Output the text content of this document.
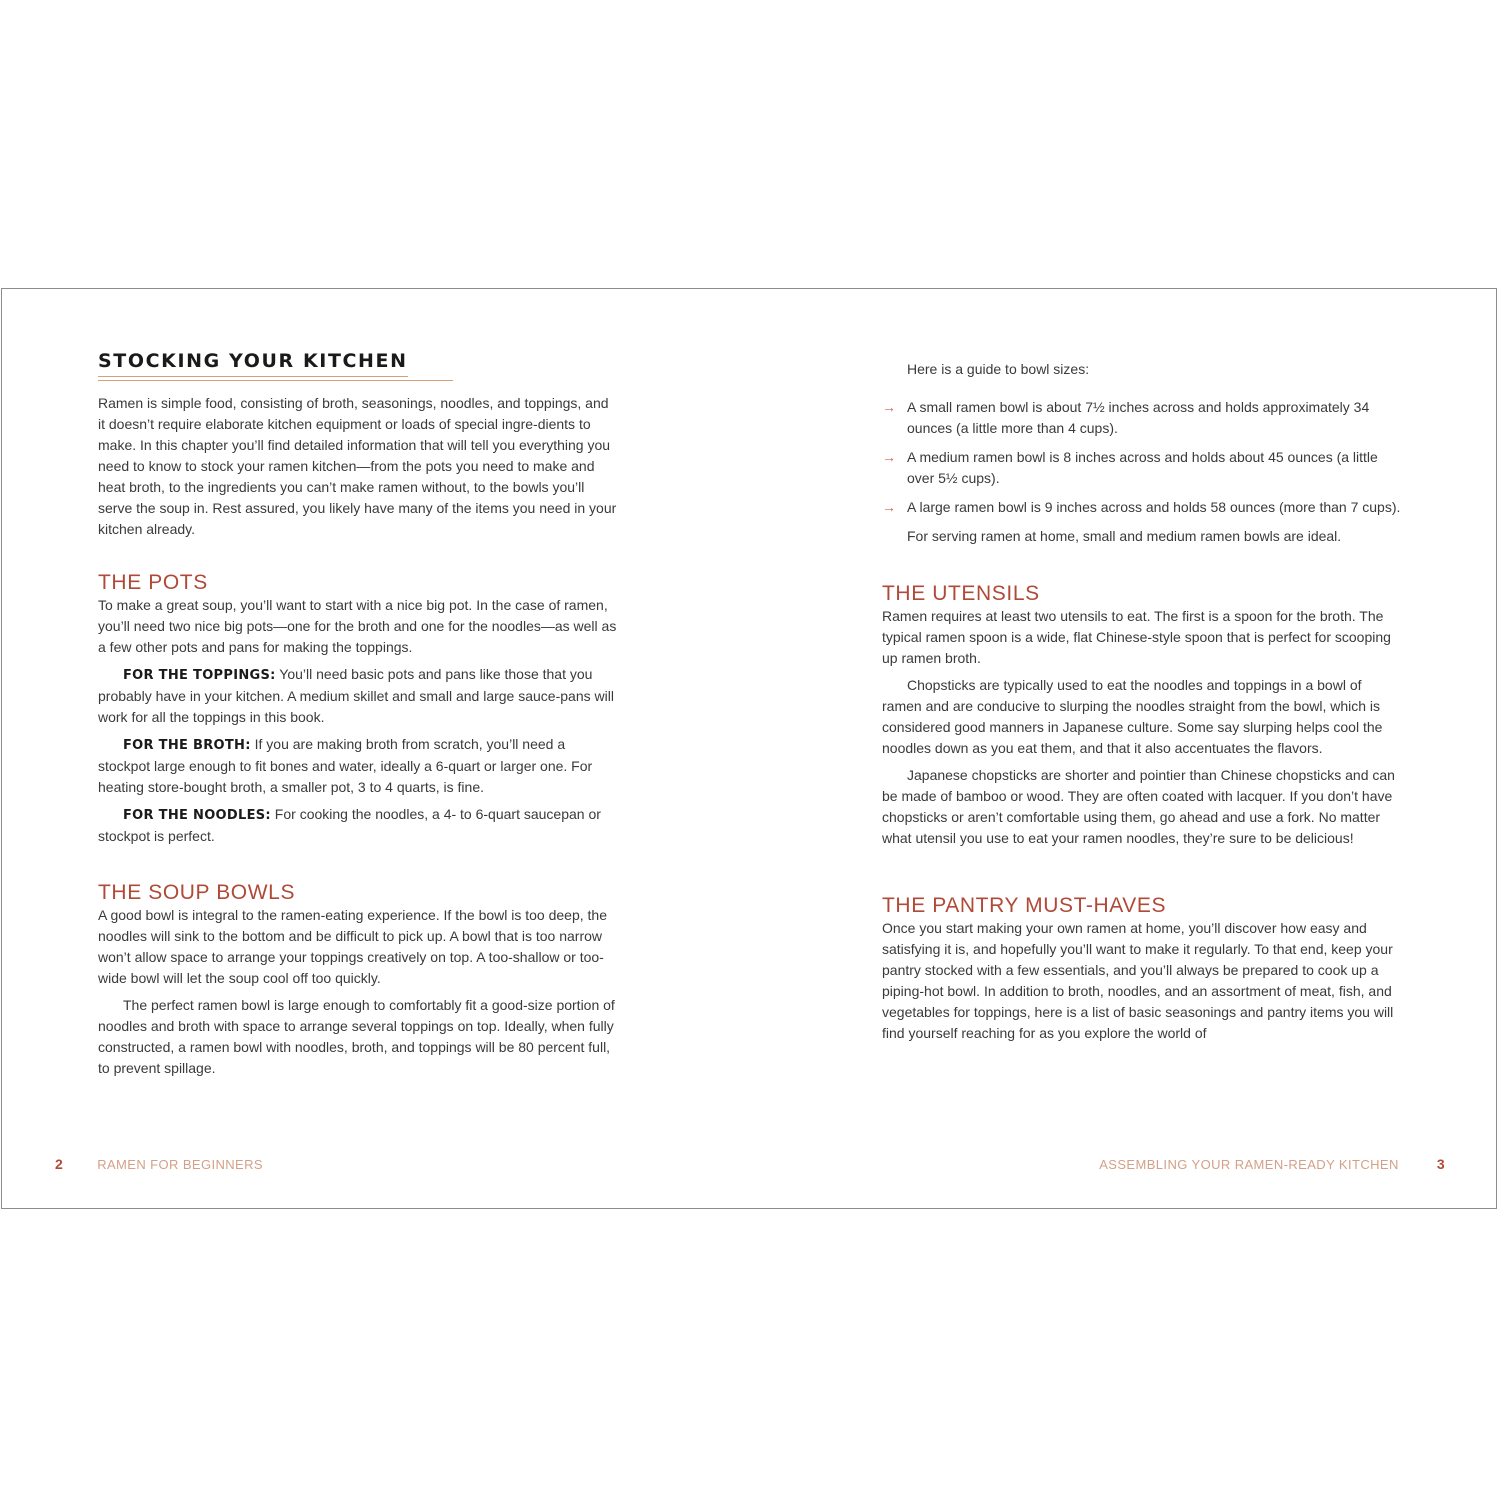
STOCKING YOUR KITCHEN

Ramen is simple food, consisting of broth, seasonings, noodles, and toppings, and it doesn’t require elaborate kitchen equipment or loads of special ingre-dients to make. In this chapter you’ll find detailed information that will tell you everything you need to know to stock your ramen kitchen—from the pots you need to make and heat broth, to the ingredients you can’t make ramen without, to the bowls you’ll serve the soup in. Rest assured, you likely have many of the items you need in your kitchen already.

THE POTS

To make a great soup, you’ll want to start with a nice big pot. In the case of ramen, you’ll need two nice big pots—one for the broth and one for the noodles—as well as a few other pots and pans for making the toppings.

FOR THE TOPPINGS: You’ll need basic pots and pans like those that you probably have in your kitchen. A medium skillet and small and large sauce-pans will work for all the toppings in this book.

FOR THE BROTH: If you are making broth from scratch, you’ll need a stockpot large enough to fit bones and water, ideally a 6-quart or larger one. For heating store-bought broth, a smaller pot, 3 to 4 quarts, is fine.

FOR THE NOODLES: For cooking the noodles, a 4- to 6-quart saucepan or stockpot is perfect.

THE SOUP BOWLS

A good bowl is integral to the ramen-eating experience. If the bowl is too deep, the noodles will sink to the bottom and be difficult to pick up. A bowl that is too narrow won’t allow space to arrange your toppings creatively on top. A too-shallow or too-wide bowl will let the soup cool off too quickly.

The perfect ramen bowl is large enough to comfortably fit a good-size portion of noodles and broth with space to arrange several toppings on top. Ideally, when fully constructed, a ramen bowl with noodles, broth, and toppings will be 80 percent full, to prevent spillage.

Here is a guide to bowl sizes:

→ A small ramen bowl is about 7½ inches across and holds approximately 34 ounces (a little more than 4 cups).
→ A medium ramen bowl is 8 inches across and holds about 45 ounces (a little over 5½ cups).
→ A large ramen bowl is 9 inches across and holds 58 ounces (more than 7 cups).

For serving ramen at home, small and medium ramen bowls are ideal.

THE UTENSILS

Ramen requires at least two utensils to eat. The first is a spoon for the broth. The typical ramen spoon is a wide, flat Chinese-style spoon that is perfect for scooping up ramen broth.

Chopsticks are typically used to eat the noodles and toppings in a bowl of ramen and are conducive to slurping the noodles straight from the bowl, which is considered good manners in Japanese culture. Some say slurping helps cool the noodles down as you eat them, and that it also accentuates the flavors.

Japanese chopsticks are shorter and pointier than Chinese chopsticks and can be made of bamboo or wood. They are often coated with lacquer. If you don’t have chopsticks or aren’t comfortable using them, go ahead and use a fork. No matter what utensil you use to eat your ramen noodles, they’re sure to be delicious!

THE PANTRY MUST-HAVES

Once you start making your own ramen at home, you’ll discover how easy and satisfying it is, and hopefully you’ll want to make it regularly. To that end, keep your pantry stocked with a few essentials, and you’ll always be prepared to cook up a piping-hot bowl. In addition to broth, noodles, and an assortment of meat, fish, and vegetables for toppings, here is a list of basic seasonings and pantry items you will find yourself reaching for as you explore the world of

2	RAMEN FOR BEGINNERS	ASSEMBLING YOUR RAMEN-READY KITCHEN	3
